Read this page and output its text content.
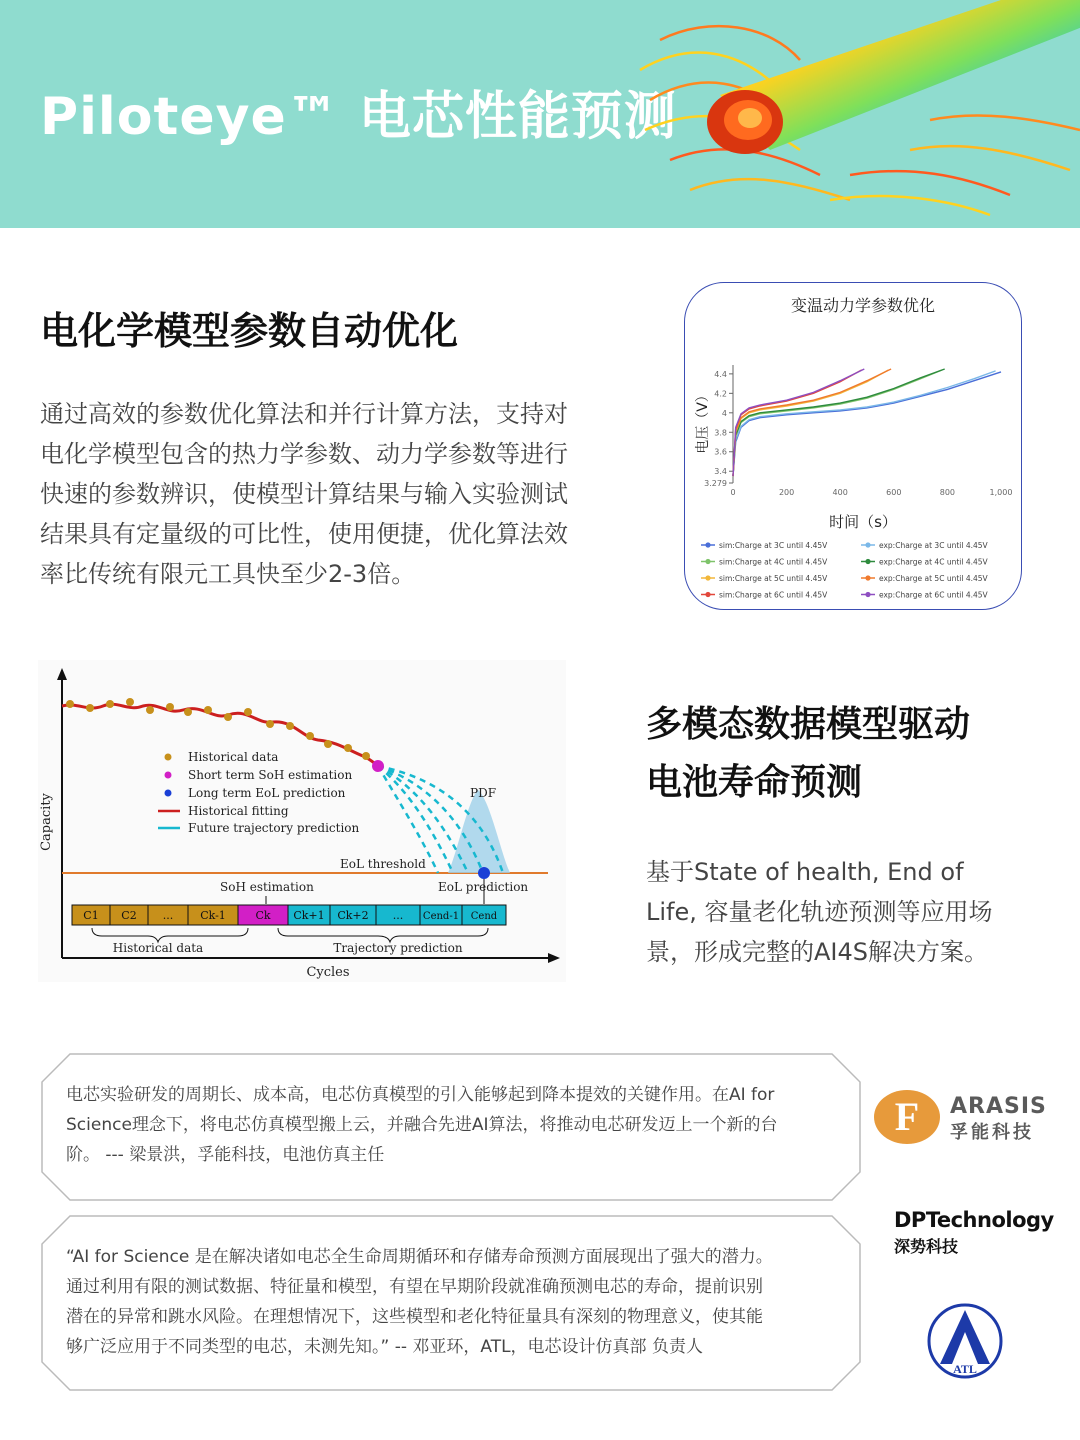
Piloteye™ 电芯性能预测
电化学模型参数自动优化
通过高效的参数优化算法和并行计算方法，支持对
电化学模型包含的热力学参数、动力学参数等进行
快速的参数辨识，使模型计算结果与输入实验测试
结果具有定量级的可比性，使用便捷，优化算法效
率比传统有限元工具快至少2-3倍。
变温动力学参数优化
电压（V）
时间（s）
4.4
4.2
4
3.8
3.6
3.4
3.279
0	200	400	600	800	1,000
sim:Charge at 3C until 4.45V
sim:Charge at 4C until 4.45V
sim:Charge at 5C until 4.45V
sim:Charge at 6C until 4.45V
exp:Charge at 3C until 4.45V
exp:Charge at 4C until 4.45V
exp:Charge at 5C until 4.45V
exp:Charge at 6C until 4.45V
Capacity
Cycles
EoL threshold
PDF
Historical data
Short term SoH estimation
Long term EoL prediction
Historical fitting
Future trajectory prediction
SoH estimation	EoL prediction
C1 C2 ... Ck-1	Ck Ck+1 Ck+2 ... Cend-1 Cend
Historical data	Trajectory prediction
多模态数据模型驱动
电池寿命预测
基于State of health, End of
Life, 容量老化轨迹预测等应用场
景，形成完整的AI4S解决方案。
电芯实验研发的周期长、成本高，电芯仿真模型的引入能够起到降本提效的关键作用。在AI for
Science理念下，将电芯仿真模型搬上云，并融合先进AI算法，将推动电芯研发迈上一个新的台
阶。 --- 梁景洪，孚能科技，电池仿真主任
“AI for Science 是在解决诸如电芯全生命周期循环和存储寿命预测方面展现出了强大的潜力。
通过利用有限的测试数据、特征量和模型，有望在早期阶段就准确预测电芯的寿命，提前识别
潜在的异常和跳水风险。在理想情况下，这些模型和老化特征量具有深刻的物理意义，使其能
够广泛应用于不同类型的电芯，未测先知。” -- 邓亚环，ATL，电芯设计仿真部 负责人
F	ARASIS
孚能科技
DPTechnology
深势科技
ATL
